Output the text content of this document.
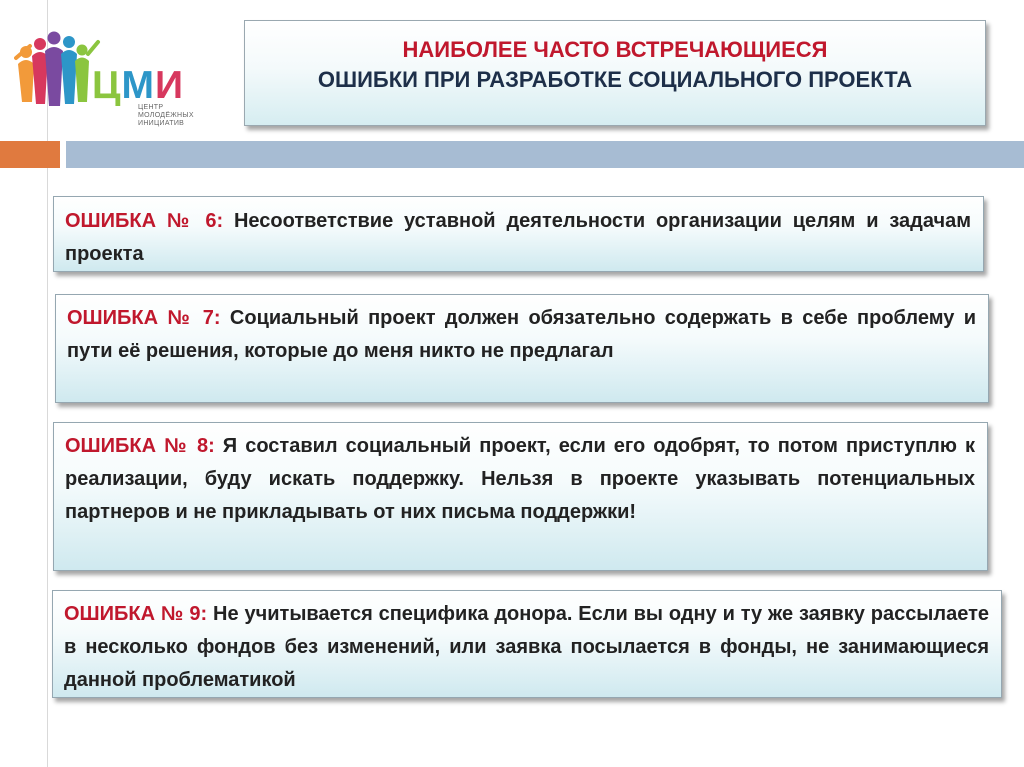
ЦМИ
ЦЕНТР
МОЛОДЁЖНЫХ
ИНИЦИАТИВ
НАИБОЛЕЕ ЧАСТО ВСТРЕЧАЮЩИЕСЯ
ОШИБКИ ПРИ РАЗРАБОТКЕ СОЦИАЛЬНОГО ПРОЕКТА
ОШИБКА № 6: Несоответствие уставной деятельности организации целям и задачам проекта
ОШИБКА № 7: Социальный проект должен обязательно содержать в себе проблему и пути её решения, которые до меня никто не предлагал
ОШИБКА № 8: Я составил социальный проект, если его одобрят, то потом приступлю к реализации, буду искать поддержку. Нельзя в проекте указывать потенциальных партнеров и не прикладывать от них письма поддержки!
ОШИБКА № 9: Не учитывается специфика донора. Если вы одну и ту же заявку рассылаете в несколько фондов без изменений, или заявка посылается в фонды, не занимающиеся данной проблематикой
